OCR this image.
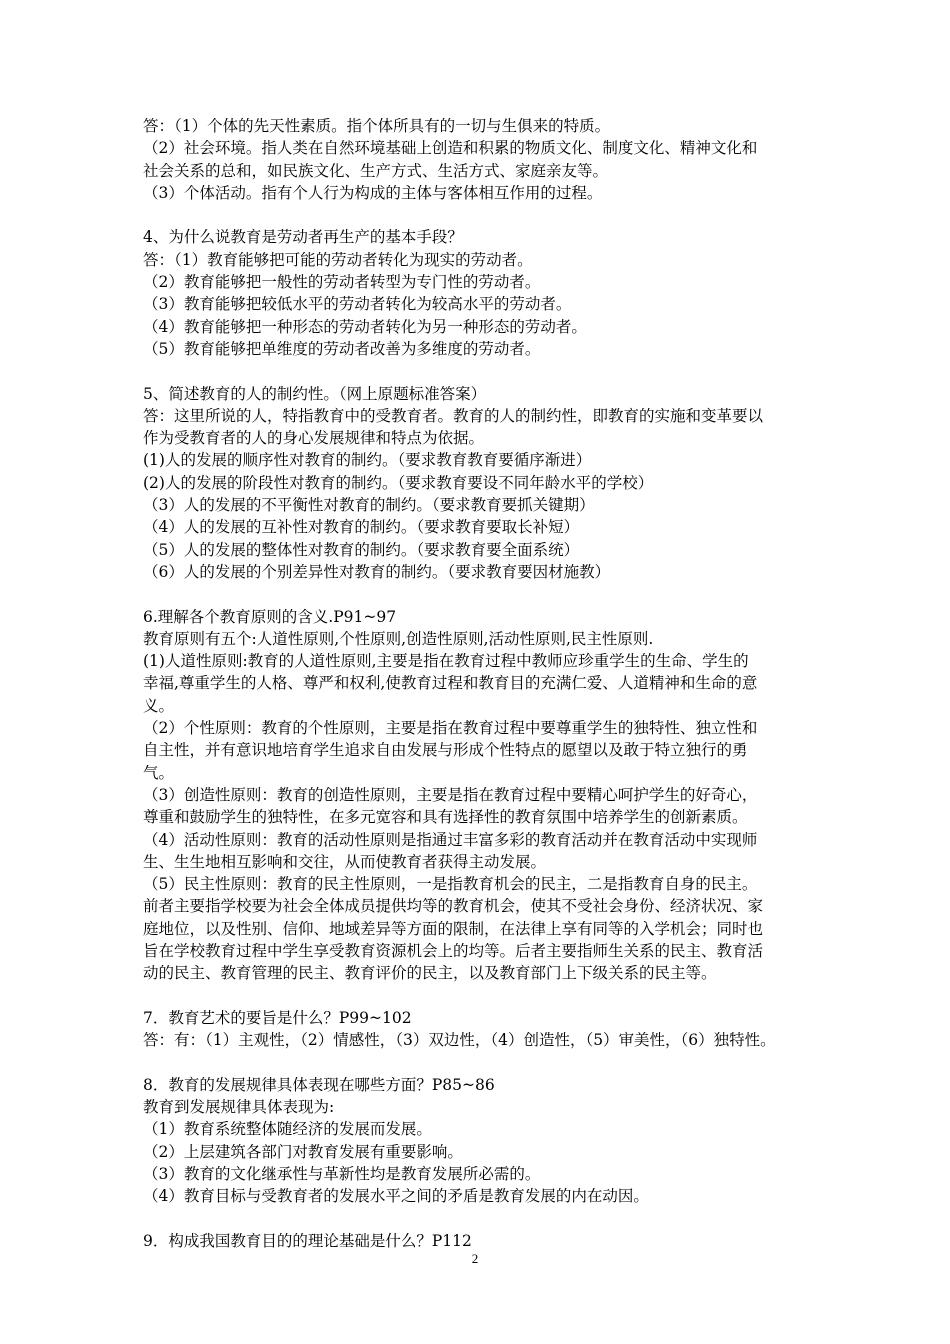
答：（1）个体的先天性素质。指个体所具有的一切与生俱来的特质。
（2）社会环境。指人类在自然环境基础上创造和积累的物质文化、制度文化、精神文化和
社会关系的总和，如民族文化、生产方式、生活方式、家庭亲友等。
（3）个体活动。指有个人行为构成的主体与客体相互作用的过程。
4、为什么说教育是劳动者再生产的基本手段？
答：（1）教育能够把可能的劳动者转化为现实的劳动者。
（2）教育能够把一般性的劳动者转型为专门性的劳动者。
（3）教育能够把较低水平的劳动者转化为较高水平的劳动者。
（4）教育能够把一种形态的劳动者转化为另一种形态的劳动者。
（5）教育能够把单维度的劳动者改善为多维度的劳动者。
5、简述教育的人的制约性。（网上原题标准答案）
答：这里所说的人，特指教育中的受教育者。教育的人的制约性，即教育的实施和变革要以
作为受教育者的人的身心发展规律和特点为依据。
(1)人的发展的顺序性对教育的制约。（要求教育教育要循序渐进）
(2)人的发展的阶段性对教育的制约。（要求教育要设不同年龄水平的学校）
（3）人的发展的不平衡性对教育的制约。（要求教育要抓关键期）
（4）人的发展的互补性对教育的制约。（要求教育要取长补短）
（5）人的发展的整体性对教育的制约。（要求教育要全面系统）
（6）人的发展的个别差异性对教育的制约。（要求教育要因材施教）
6.理解各个教育原则的含义.P91~97
教育原则有五个:人道性原则,个性原则,创造性原则,活动性原则,民主性原则.
(1)人道性原则:教育的人道性原则,主要是指在教育过程中教师应珍重学生的生命、学生的
幸福,尊重学生的人格、尊严和权利,使教育过程和教育目的充满仁爱、人道精神和生命的意
义。
（2）个性原则：教育的个性原则，主要是指在教育过程中要尊重学生的独特性、独立性和
自主性，并有意识地培育学生追求自由发展与形成个性特点的愿望以及敢于特立独行的勇
气。
（3）创造性原则：教育的创造性原则，主要是指在教育过程中要精心呵护学生的好奇心，
尊重和鼓励学生的独特性，在多元宽容和具有选择性的教育氛围中培养学生的创新素质。
（4）活动性原则：教育的活动性原则是指通过丰富多彩的教育活动并在教育活动中实现师
生、生生地相互影响和交往，从而使教育者获得主动发展。
（5）民主性原则：教育的民主性原则，一是指教育机会的民主，二是指教育自身的民主。
前者主要指学校要为社会全体成员提供均等的教育机会，使其不受社会身份、经济状况、家
庭地位，以及性别、信仰、地域差异等方面的限制，在法律上享有同等的入学机会；同时也
旨在学校教育过程中学生享受教育资源机会上的均等。后者主要指师生关系的民主、教育活
动的民主、教育管理的民主、教育评价的民主，以及教育部门上下级关系的民主等。
7．教育艺术的要旨是什么？P99~102
答：有：（1）主观性，（2）情感性，（3）双边性，（4）创造性，（5）审美性，（6）独特性。
8．教育的发展规律具体表现在哪些方面？P85~86
教育到发展规律具体表现为:
（1）教育系统整体随经济的发展而发展。
（2）上层建筑各部门对教育发展有重要影响。
（3）教育的文化继承性与革新性均是教育发展所必需的。
（4）教育目标与受教育者的发展水平之间的矛盾是教育发展的内在动因。
9．构成我国教育目的的理论基础是什么？P112
2
